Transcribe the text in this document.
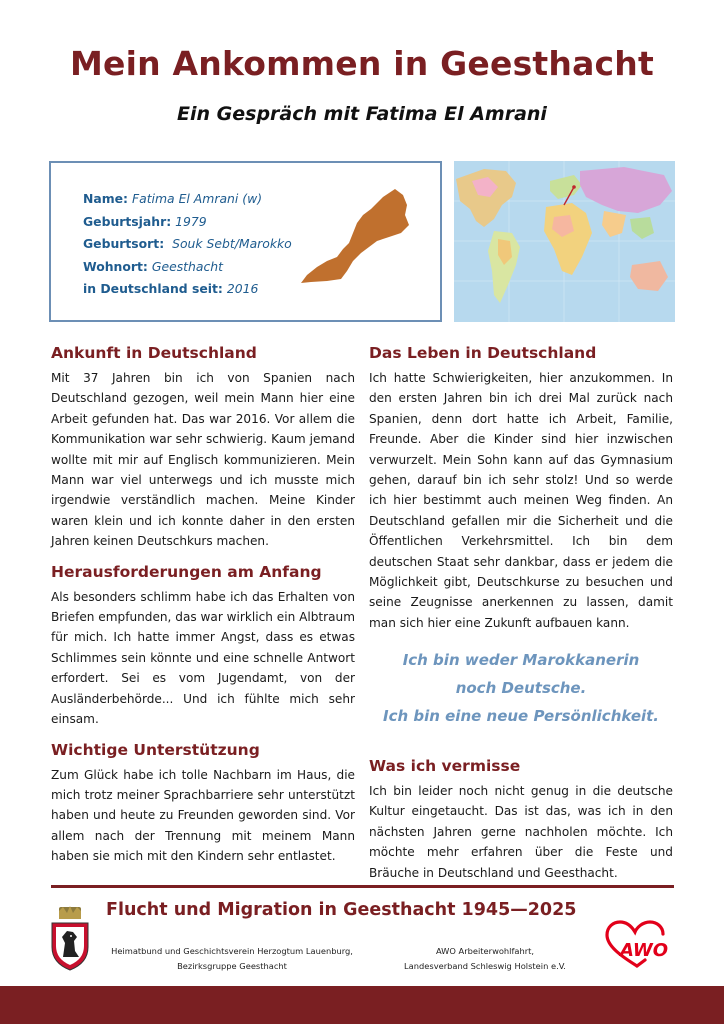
Mein Ankommen in Geesthacht
Ein Gespräch mit Fatima El Amrani
Name: Fatima El Amrani (w)
Geburtsjahr: 1979
Geburtsort: Souk Sebt/Marokko
Wohnort: Geesthacht
in Deutschland seit: 2016
Ankunft in Deutschland

Mit 37 Jahren bin ich von Spanien nach Deutschland gezogen, weil mein Mann hier eine Arbeit gefunden hat. Das war 2016. Vor allem die Kommunikation war sehr schwierig. Kaum jemand wollte mit mir auf Englisch kommunizieren. Mein Mann war viel unterwegs und ich musste mich irgendwie verständlich machen. Meine Kinder waren klein und ich konnte daher in den ersten Jahren keinen Deutschkurs machen.

Herausforderungen am Anfang

Als besonders schlimm habe ich das Erhalten von Briefen empfunden, das war wirklich ein Albtraum für mich. Ich hatte immer Angst, dass es etwas Schlimmes sein könnte und eine schnelle Antwort erfordert. Sei es vom Jugendamt, von der Ausländerbehörde... Und ich fühlte mich sehr einsam.

Wichtige Unterstützung

Zum Glück habe ich tolle Nachbarn im Haus, die mich trotz meiner Sprachbarriere sehr unterstützt haben und heute zu Freunden geworden sind. Vor allem nach der Trennung mit meinem Mann haben sie mich mit den Kindern sehr entlastet.

Das Leben in Deutschland

Ich hatte Schwierigkeiten, hier anzukommen. In den ersten Jahren bin ich drei Mal zurück nach Spanien, denn dort hatte ich Arbeit, Familie, Freunde. Aber die Kinder sind hier inzwischen verwurzelt. Mein Sohn kann auf das Gymnasium gehen, darauf bin ich sehr stolz! Und so werde ich hier bestimmt auch meinen Weg finden. An Deutschland gefallen mir die Sicherheit und die Öffentlichen Verkehrsmittel. Ich bin dem deutschen Staat sehr dankbar, dass er jedem die Möglichkeit gibt, Deutschkurse zu besuchen und seine Zeugnisse anerkennen zu lassen, damit man sich hier eine Zukunft aufbauen kann.

Ich bin weder Marokkanerin
noch Deutsche.
Ich bin eine neue Persönlichkeit.
Was ich vermisse

Ich bin leider noch nicht genug in die deutsche Kultur eingetaucht. Das ist das, was ich in den nächsten Jahren gerne nachholen möchte. Ich möchte mehr erfahren über die Feste und Bräuche in Deutschland und Geesthacht.

Flucht und Migration in Geesthacht 1945—2025
Heimatbund und Geschichtsverein Herzogtum Lauenburg,
Bezirksgruppe Geesthacht
AWO Arbeiterwohlfahrt,
Landesverband Schleswig Holstein e.V.
AWO
